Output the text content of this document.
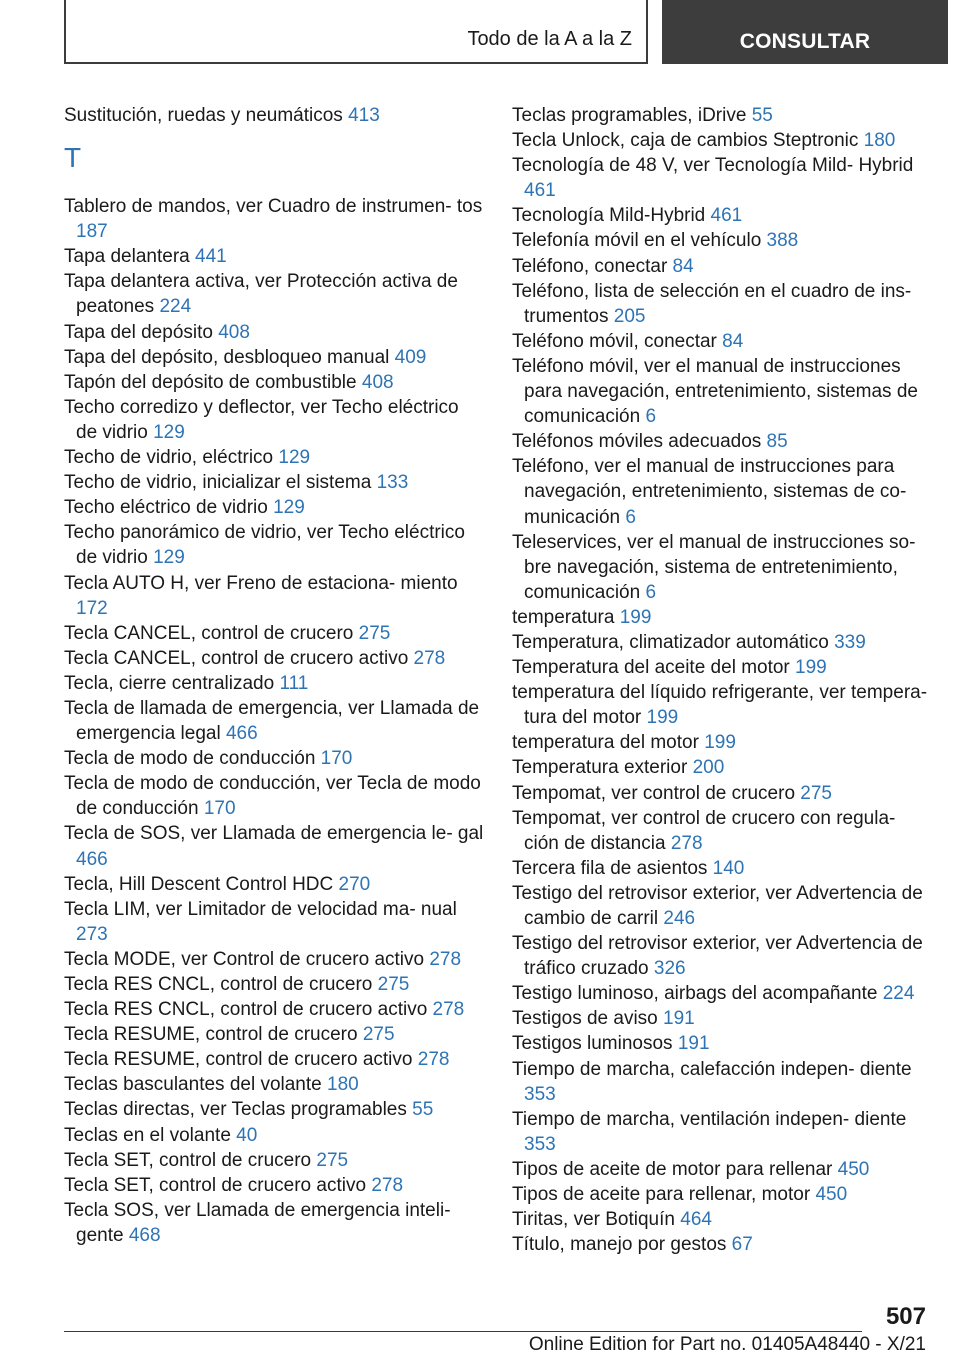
Todo de la A a la Z	CONSULTAR
Sustitución, ruedas y neumáticos 413
T
Tablero de mandos, ver Cuadro de instrumen- tos 187
Tapa delantera 441
Tapa delantera activa, ver Protección activa de peatones 224
Tapa del depósito 408
Tapa del depósito, desbloqueo manual 409
Tapón del depósito de combustible 408
Techo corredizo y deflector, ver Techo eléctrico de vidrio 129
Techo de vidrio, eléctrico 129
Techo de vidrio, inicializar el sistema 133
Techo eléctrico de vidrio 129
Techo panorámico de vidrio, ver Techo eléctrico de vidrio 129
Tecla AUTO H, ver Freno de estaciona- miento 172
Tecla CANCEL, control de crucero 275
Tecla CANCEL, control de crucero activo 278
Tecla, cierre centralizado 111
Tecla de llamada de emergencia, ver Llamada de emergencia legal 466
Tecla de modo de conducción 170
Tecla de modo de conducción, ver Tecla de modo de conducción 170
Tecla de SOS, ver Llamada de emergencia le- gal 466
Tecla, Hill Descent Control HDC 270
Tecla LIM, ver Limitador de velocidad ma- nual 273
Tecla MODE, ver Control de crucero activo 278
Tecla RES CNCL, control de crucero 275
Tecla RES CNCL, control de crucero activo 278
Tecla RESUME, control de crucero 275
Tecla RESUME, control de crucero activo 278
Teclas basculantes del volante 180
Teclas directas, ver Teclas programables 55
Teclas en el volante 40
Tecla SET, control de crucero 275
Tecla SET, control de crucero activo 278
Tecla SOS, ver Llamada de emergencia inteli- gente 468
Teclas programables, iDrive 55
Tecla Unlock, caja de cambios Steptronic 180
Tecnología de 48 V, ver Tecnología Mild- Hybrid 461
Tecnología Mild-Hybrid 461
Telefonía móvil en el vehículo 388
Teléfono, conectar 84
Teléfono, lista de selección en el cuadro de ins- trumentos 205
Teléfono móvil, conectar 84
Teléfono móvil, ver el manual de instrucciones para navegación, entretenimiento, sistemas de comunicación 6
Teléfonos móviles adecuados 85
Teléfono, ver el manual de instrucciones para navegación, entretenimiento, sistemas de co- municación 6
Teleservices, ver el manual de instrucciones so- bre navegación, sistema de entretenimiento, comunicación 6
temperatura 199
Temperatura, climatizador automático 339
Temperatura del aceite del motor 199
temperatura del líquido refrigerante, ver tempera- tura del motor 199
temperatura del motor 199
Temperatura exterior 200
Tempomat, ver control de crucero 275
Tempomat, ver control de crucero con regula- ción de distancia 278
Tercera fila de asientos 140
Testigo del retrovisor exterior, ver Advertencia de cambio de carril 246
Testigo del retrovisor exterior, ver Advertencia de tráfico cruzado 326
Testigo luminoso, airbags del acompañante 224
Testigos de aviso 191
Testigos luminosos 191
Tiempo de marcha, calefacción indepen- diente 353
Tiempo de marcha, ventilación indepen- diente 353
Tipos de aceite de motor para rellenar 450
Tipos de aceite para rellenar, motor 450
Tiritas, ver Botiquín 464
Título, manejo por gestos 67
507
Online Edition for Part no. 01405A48440 - X/21
